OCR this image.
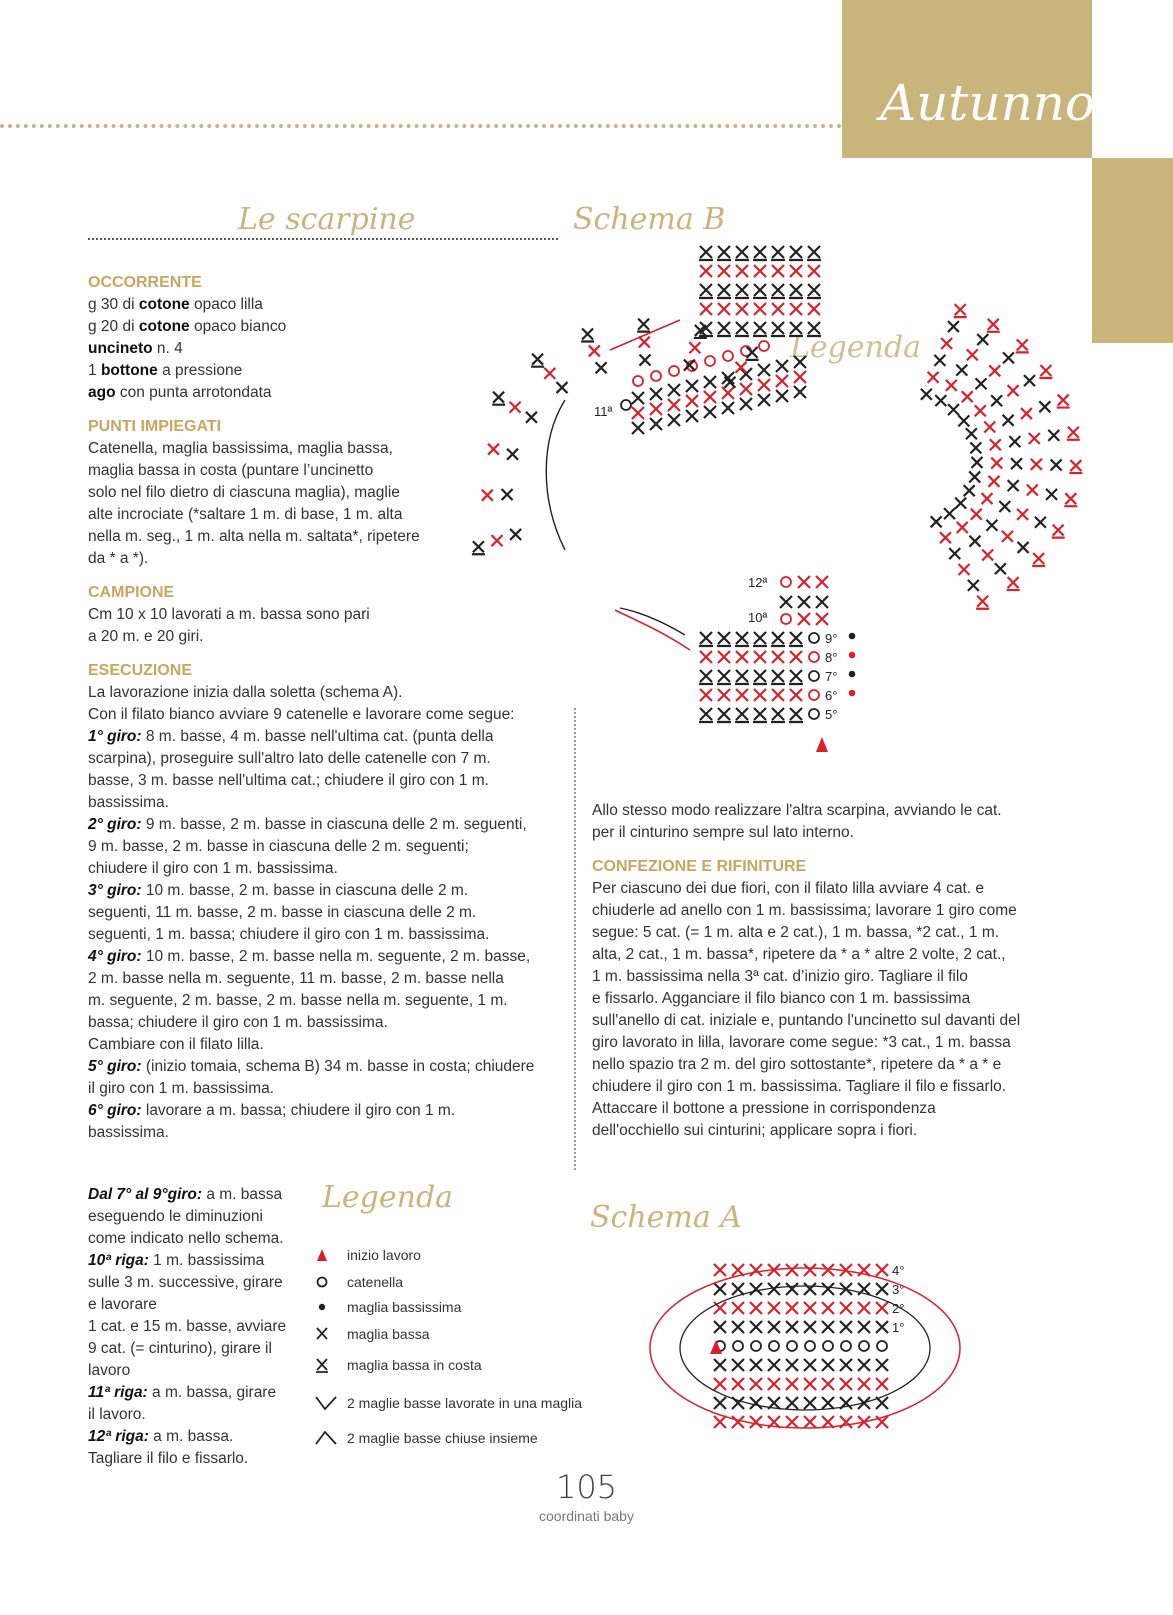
Autunno
Le scarpine	Schema B
Legenda
Schema A
Legenda
OCCORRENTE
g 30 di cotone opaco lilla
g 20 di cotone opaco bianco
uncineto n. 4
1 bottone a pressione
ago con punta arrotondata
PUNTI IMPIEGATI
Catenella, maglia bassissima, maglia bassa,
maglia bassa in costa (puntare l’uncinetto
solo nel filo dietro di ciascuna maglia), maglie
alte incrociate (*saltare 1 m. di base, 1 m. alta
nella m. seg., 1 m. alta nella m. saltata*, ripetere
da * a *).
CAMPIONE
Cm 10 x 10 lavorati a m. bassa sono pari
a 20 m. e 20 giri.
ESECUZIONE
La lavorazione inizia dalla soletta (schema A).
Con il filato bianco avviare 9 catenelle e lavorare come segue:
1° giro: 8 m. basse, 4 m. basse nell'ultima cat. (punta della
scarpina), proseguire sull'altro lato delle catenelle con 7 m.
basse, 3 m. basse nell'ultima cat.; chiudere il giro con 1 m.
bassissima.
2° giro: 9 m. basse, 2 m. basse in ciascuna delle 2 m. seguenti,
9 m. basse, 2 m. basse in ciascuna delle 2 m. seguenti;
chiudere il giro con 1 m. bassissima.
3° giro: 10 m. basse, 2 m. basse in ciascuna delle 2 m.
seguenti, 11 m. basse, 2 m. basse in ciascuna delle 2 m.
seguenti, 1 m. bassa; chiudere il giro con 1 m. bassissima.
4° giro: 10 m. basse, 2 m. basse nella m. seguente, 2 m. basse,
2 m. basse nella m. seguente, 11 m. basse, 2 m. basse nella
m. seguente, 2 m. basse, 2 m. basse nella m. seguente, 1 m.
bassa; chiudere il giro con 1 m. bassissima.
Cambiare con il filato lilla.
5° giro: (inizio tomaia, schema B) 34 m. basse in costa; chiudere
il giro con 1 m. bassissima.
6° giro: lavorare a m. bassa; chiudere il giro con 1 m.
bassissima.
Dal 7° al 9°giro: a m. bassa
eseguendo le diminuzioni
come indicato nello schema.
10ª riga: 1 m. bassissima
sulle 3 m. successive, girare
e lavorare
1 cat. e 15 m. basse, avviare
9 cat. (= cinturino), girare il
lavoro
11ª riga: a m. bassa, girare
il lavoro.
12ª riga: a m. bassa.
Tagliare il filo e fissarlo.
Allo stesso modo realizzare l'altra scarpina, avviando le cat.
per il cinturino sempre sul lato interno.
CONFEZIONE E RIFINITURE
Per ciascuno dei due fiori, con il filato lilla avviare 4 cat. e
chiuderle ad anello con 1 m. bassissima; lavorare 1 giro come
segue: 5 cat. (= 1 m. alta e 2 cat.), 1 m. bassa, *2 cat., 1 m.
alta, 2 cat., 1 m. bassa*, ripetere da * a * altre 2 volte, 2 cat.,
1 m. bassissima nella 3ª cat. d’inizio giro. Tagliare il filo
e fissarlo. Agganciare il filo bianco con 1 m. bassissima
sull'anello di cat. iniziale e, puntando l'uncinetto sul davanti del
giro lavorato in lilla, lavorare come segue: *3 cat., 1 m. bassa
nello spazio tra 2 m. del giro sottostante*, ripetere da * a * e
chiudere il giro con 1 m. bassissima. Tagliare il filo e fissarlo.
Attaccare il bottone a pressione in corrispondenza
dell'occhiello sui cinturini; applicare sopra i fiori.
inizio lavoro
catenella
maglia bassissima
maglia bassa
maglia bassa in costa
2 maglie basse lavorate in una maglia
2 maglie basse chiuse insieme
11ª
12ª
10ª
9°
8°
7°
6°
5°
4°
3°
2°
1°
105
coordinati baby
